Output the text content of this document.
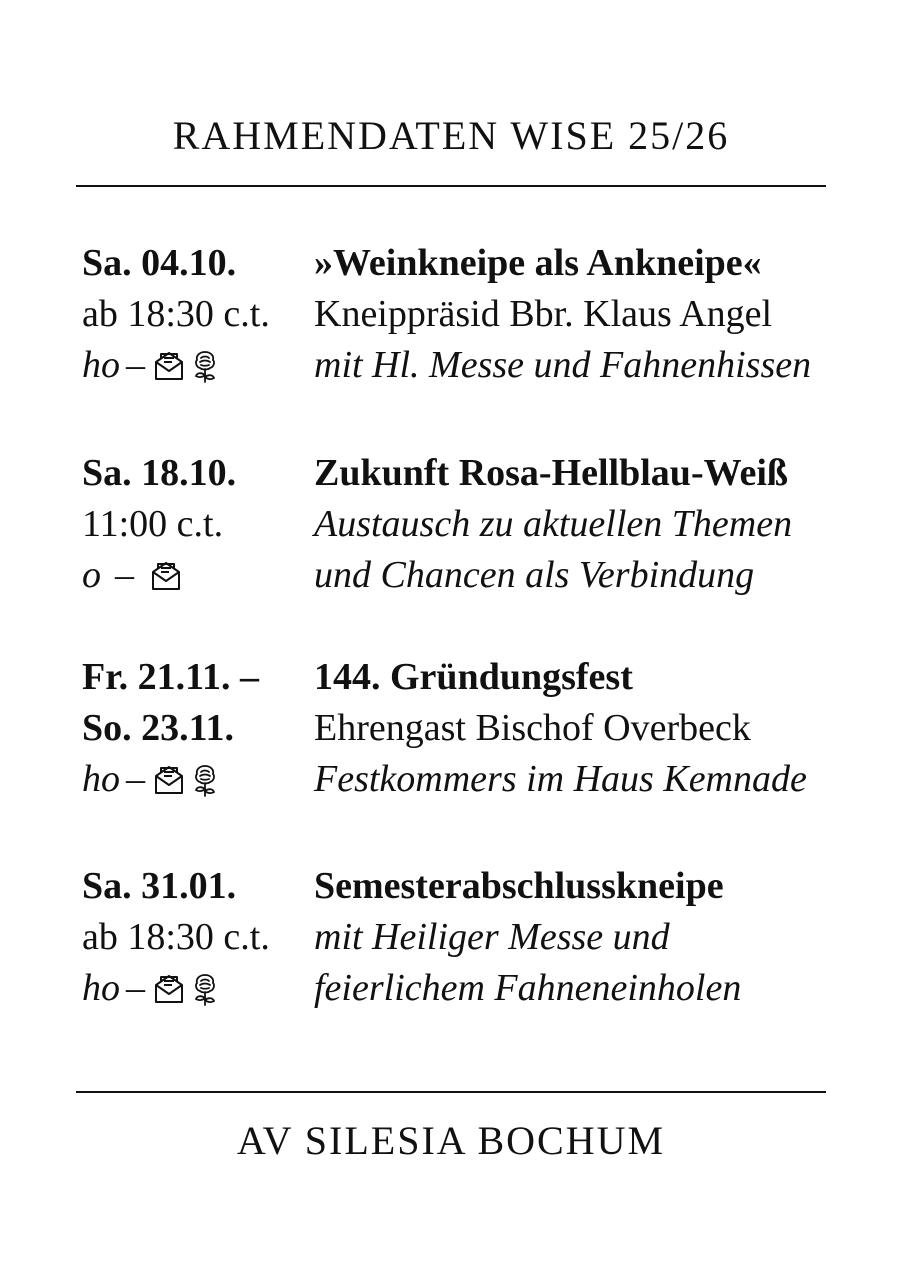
RAHMENDATEN WISE 25/26
Sa. 04.10.	»Weinkneipe als Ankneipe«
ab 18:30 c.t.	Kneippräsid Bbr. Klaus Angel
ho –	mit Hl. Messe und Fahnenhissen
Sa. 18.10.	Zukunft Rosa-Hellblau-Weiß
11:00 c.t.	Austausch zu aktuellen Themen
o –	und Chancen als Verbindung
Fr. 21.11. –	144. Gründungsfest
So. 23.11.	Ehrengast Bischof Overbeck
ho –	Festkommers im Haus Kemnade
Sa. 31.01.	Semesterabschlusskneipe
ab 18:30 c.t.	mit Heiliger Messe und
ho –	feierlichem Fahneneinholen
AV SILESIA BOCHUM
